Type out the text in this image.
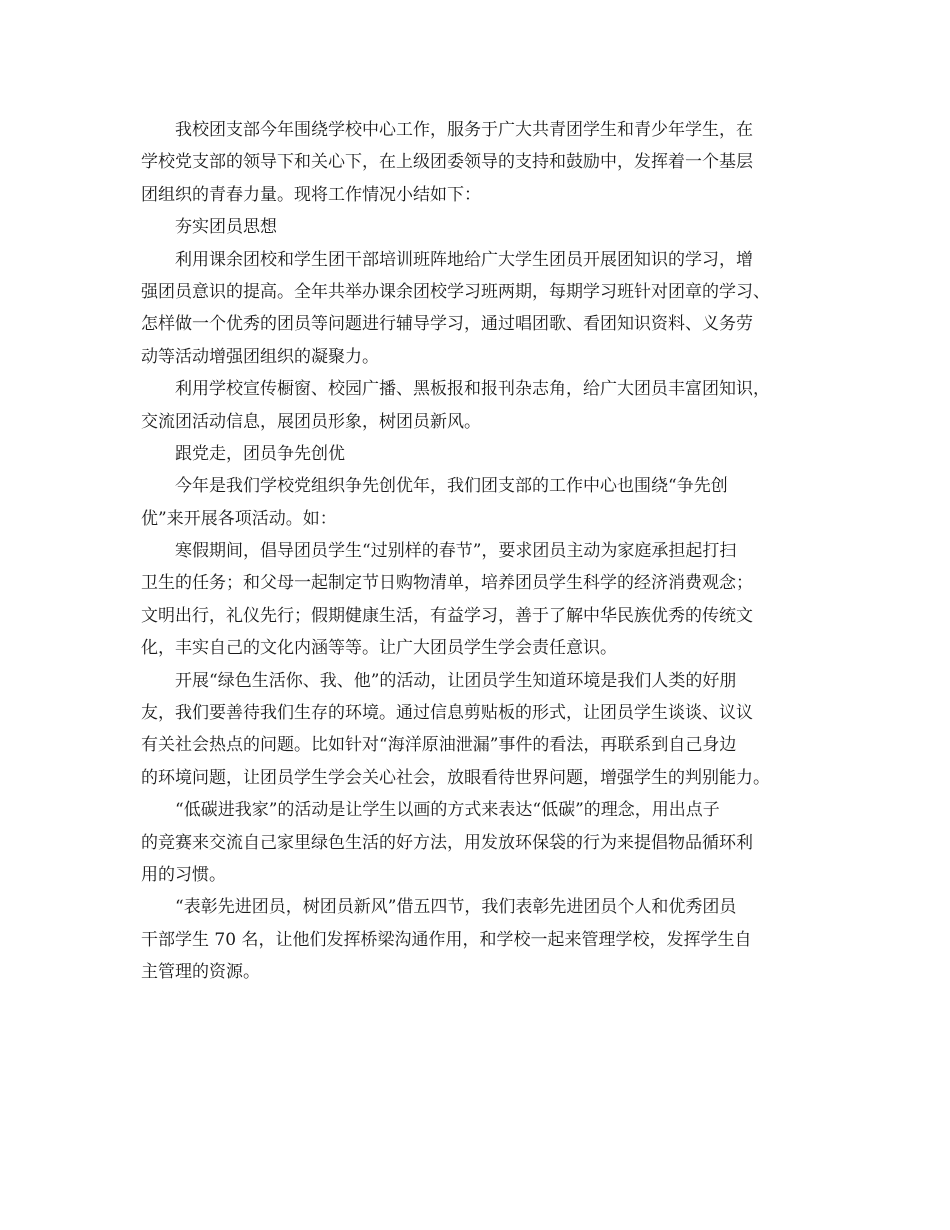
我校团支部今年围绕学校中心工作，服务于广大共青团学生和青少年学生，在
学校党支部的领导下和关心下，在上级团委领导的支持和鼓励中，发挥着一个基层
团组织的青春力量。现将工作情况小结如下：
夯实团员思想
利用课余团校和学生团干部培训班阵地给广大学生团员开展团知识的学习，增
强团员意识的提高。全年共举办课余团校学习班两期，每期学习班针对团章的学习、
怎样做一个优秀的团员等问题进行辅导学习，通过唱团歌、看团知识资料、义务劳
动等活动增强团组织的凝聚力。
利用学校宣传橱窗、校园广播、黑板报和报刊杂志角，给广大团员丰富团知识，
交流团活动信息，展团员形象，树团员新风。
跟党走，团员争先创优
今年是我们学校党组织争先创优年，我们团支部的工作中心也围绕“争先创
优”来开展各项活动。如：
寒假期间，倡导团员学生“过别样的春节”，要求团员主动为家庭承担起打扫
卫生的任务；和父母一起制定节日购物清单，培养团员学生科学的经济消费观念；
文明出行，礼仪先行；假期健康生活，有益学习，善于了解中华民族优秀的传统文
化，丰实自己的文化内涵等等。让广大团员学生学会责任意识。
开展“绿色生活你、我、他”的活动，让团员学生知道环境是我们人类的好朋
友，我们要善待我们生存的环境。通过信息剪贴板的形式，让团员学生谈谈、议议
有关社会热点的问题。比如针对“海洋原油泄漏”事件的看法，再联系到自己身边
的环境问题，让团员学生学会关心社会，放眼看待世界问题，增强学生的判别能力。
“低碳进我家”的活动是让学生以画的方式来表达“低碳”的理念，用出点子
的竞赛来交流自己家里绿色生活的好方法，用发放环保袋的行为来提倡物品循环利
用的习惯。
“表彰先进团员，树团员新风”借五四节，我们表彰先进团员个人和优秀团员
干部学生 70 名，让他们发挥桥梁沟通作用，和学校一起来管理学校，发挥学生自
主管理的资源。
